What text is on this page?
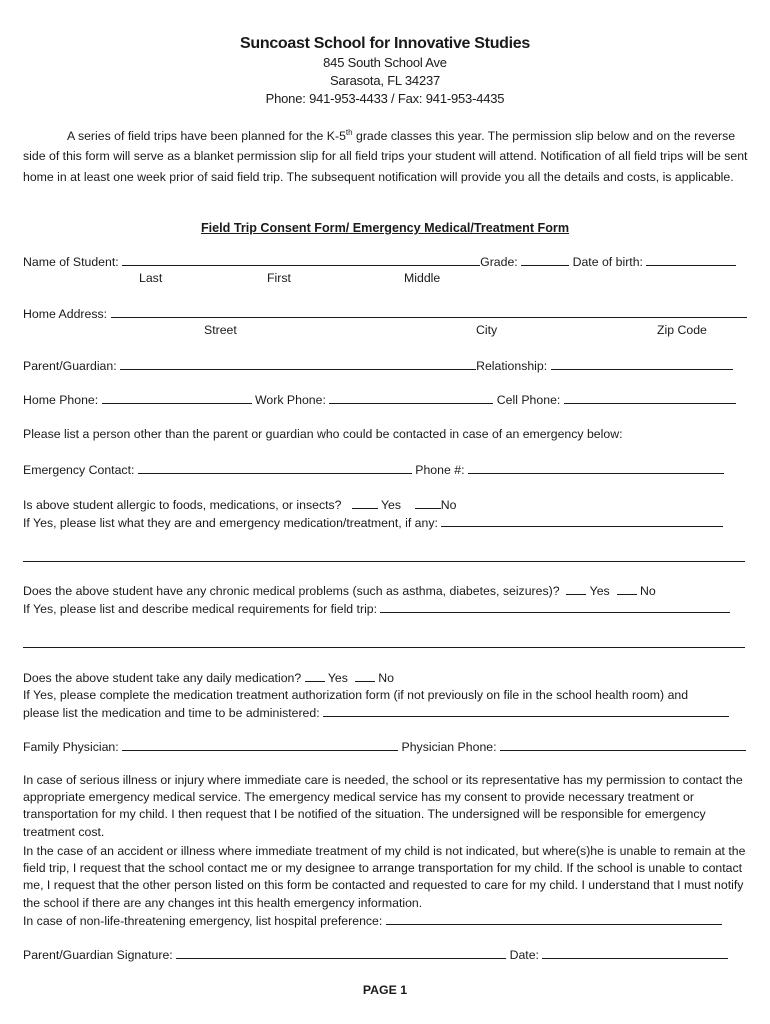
Suncoast School for Innovative Studies
845 South School Ave
Sarasota, FL 34237
Phone: 941-953-4433 / Fax: 941-953-4435
A series of field trips have been planned for the K-5th grade classes this year. The permission slip below and on the reverse side of this form will serve as a blanket permission slip for all field trips your student will attend. Notification of all field trips will be sent home in at least one week prior of said field trip. The subsequent notification will provide you all the details and costs, is applicable.
Field Trip Consent Form/ Emergency Medical/Treatment Form
Name of Student:	Grade:	Date of birth:
Last	First	Middle
Home Address:
Street	City	Zip Code
Parent/Guardian:	Relationship:
Home Phone:	Work Phone:	Cell Phone:
Please list a person other than the parent or guardian who could be contacted in case of an emergency below:
Emergency Contact:	Phone #:
Is above student allergic to foods, medications, or insects?	Yes	No
If Yes, please list what they are and emergency medication/treatment, if any:
Does the above student have any chronic medical problems (such as asthma, diabetes, seizures)? Yes No
If Yes, please list and describe medical requirements for field trip:
Does the above student take any daily medication? Yes No
If Yes, please complete the medication treatment authorization form (if not previously on file in the school health room) and
please list the medication and time to be administered:
Family Physician:	Physician Phone:
In case of serious illness or injury where immediate care is needed, the school or its representative has my permission to contact the appropriate emergency medical service. The emergency medical service has my consent to provide necessary treatment or transportation for my child. I then request that I be notified of the situation. The undersigned will be responsible for emergency treatment cost.
In the case of an accident or illness where immediate treatment of my child is not indicated, but where(s)he is unable to remain at the field trip, I request that the school contact me or my designee to arrange transportation for my child. If the school is unable to contact me, I request that the other person listed on this form be contacted and requested to care for my child. I understand that I must notify the school if there are any changes int this health emergency information.
In case of non-life-threatening emergency, list hospital preference:
Parent/Guardian Signature:	Date:
PAGE 1
